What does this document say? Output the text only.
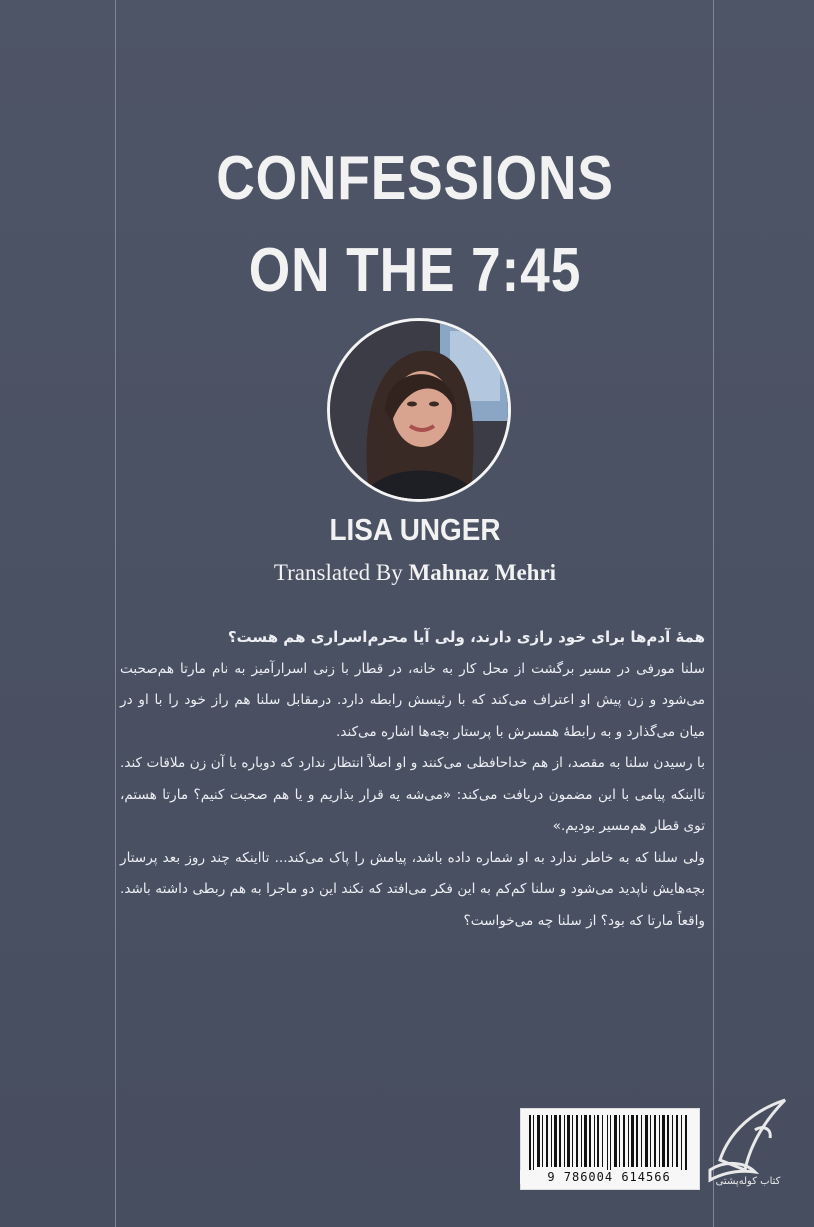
CONFESSIONS
ON THE 7:45
LISA UNGER
Translated By Mahnaz Mehri

همهٔ آدم‌ها برای خود رازی دارند، ولی آیا محرم‌اسراری هم هست؟

سلنا مورفی در مسیر برگشت از محل کار به خانه، در قطار با زنی اسرارآمیز به نام مارتا هم‌صحبت می‌شود و زن پیش او اعتراف می‌کند که با رئیسش رابطه دارد. درمقابل سلنا هم راز خود را با او در میان می‌گذارد و به رابطهٔ همسرش با پرستار بچه‌ها اشاره می‌کند.

با رسیدن سلنا به مقصد، از هم خداحافظی می‌کنند و او اصلاً انتظار ندارد که دوباره با آن زن ملاقات کند. تااینکه پیامی با این مضمون دریافت می‌کند: «می‌شه یه قرار بذاریم و یا هم صحبت کنیم؟ مارتا هستم، توی قطار هم‌مسیر بودیم.»

ولی سلنا که به خاطر ندارد به او شماره داده باشد، پیامش را پاک می‌کند... تااینکه چند روز بعد پرستار بچه‌هایش ناپدید می‌شود و سلنا کم‌کم به این فکر می‌افتد که نکند این دو ماجرا به هم ربطی داشته باشد. واقعاً مارتا که بود؟ از سلنا چه می‌خواست؟

9 786004 614566	کتاب کوله‌پشتی
